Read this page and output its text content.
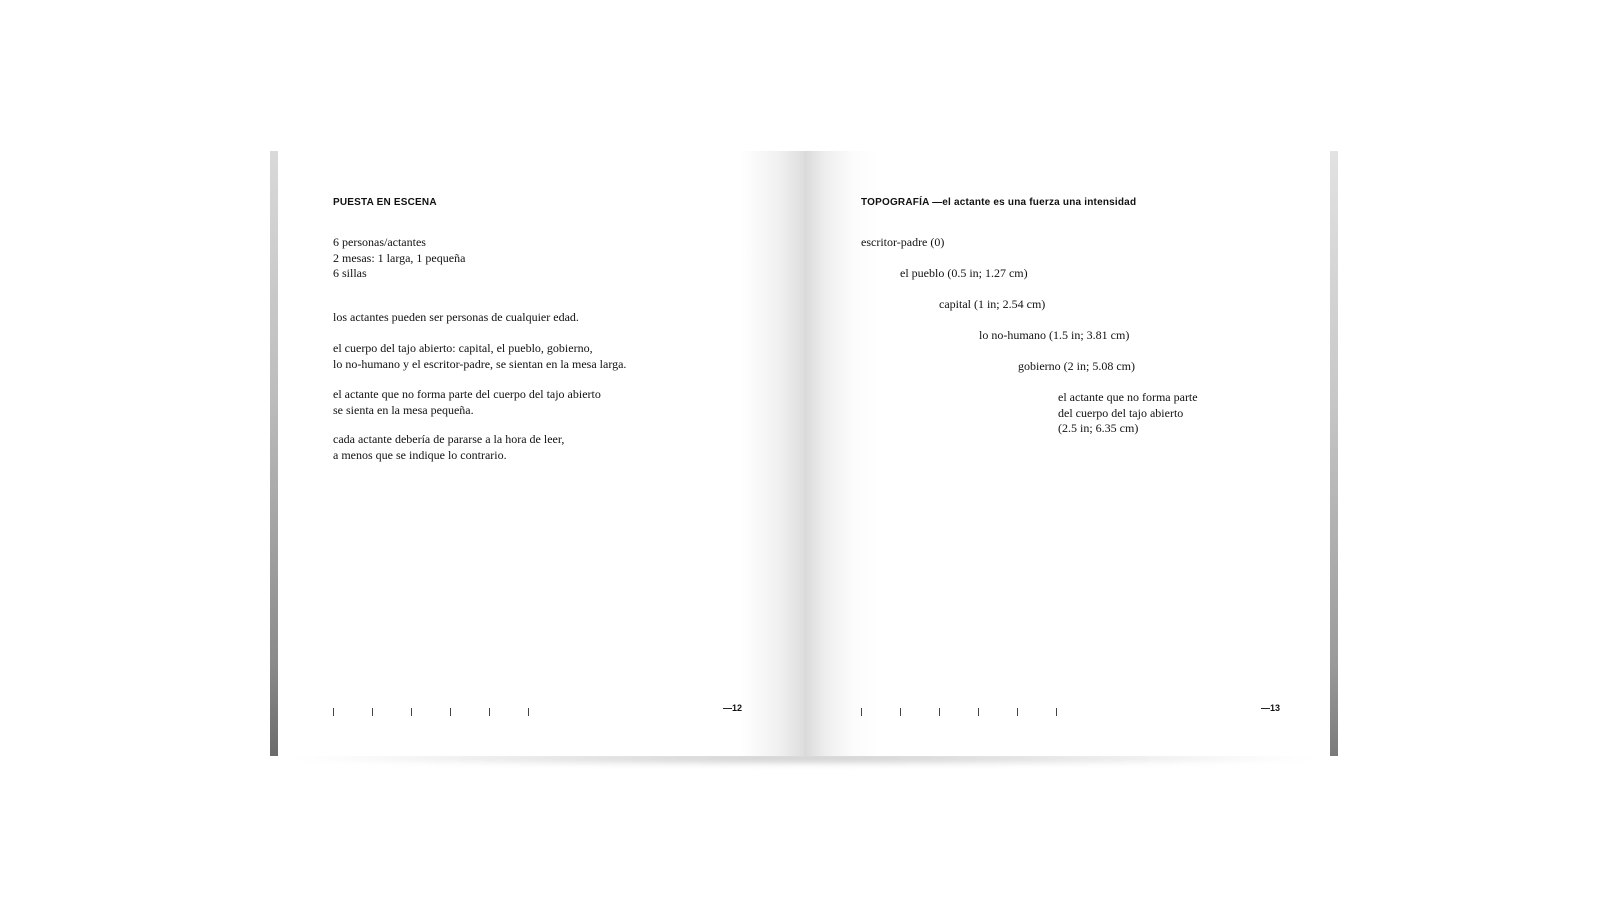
PUESTA EN ESCENA
6 personas/actantes
2 mesas: 1 larga, 1 pequeña
6 sillas
los actantes pueden ser personas de cualquier edad.
el cuerpo del tajo abierto: capital, el pueblo, gobierno,
lo no-humano y el escritor-padre, se sientan en la mesa larga.
el actante que no forma parte del cuerpo del tajo abierto
se sienta en la mesa pequeña.
cada actante debería de pararse a la hora de leer,
a menos que se indique lo contrario.
—12
TOPOGRAFÍA —el actante es una fuerza una intensidad
escritor-padre (0)
el pueblo (0.5 in; 1.27 cm)
capital (1 in; 2.54 cm)
lo no-humano (1.5 in; 3.81 cm)
gobierno (2 in; 5.08 cm)
el actante que no forma parte
del cuerpo del tajo abierto
(2.5 in; 6.35 cm)
—13
